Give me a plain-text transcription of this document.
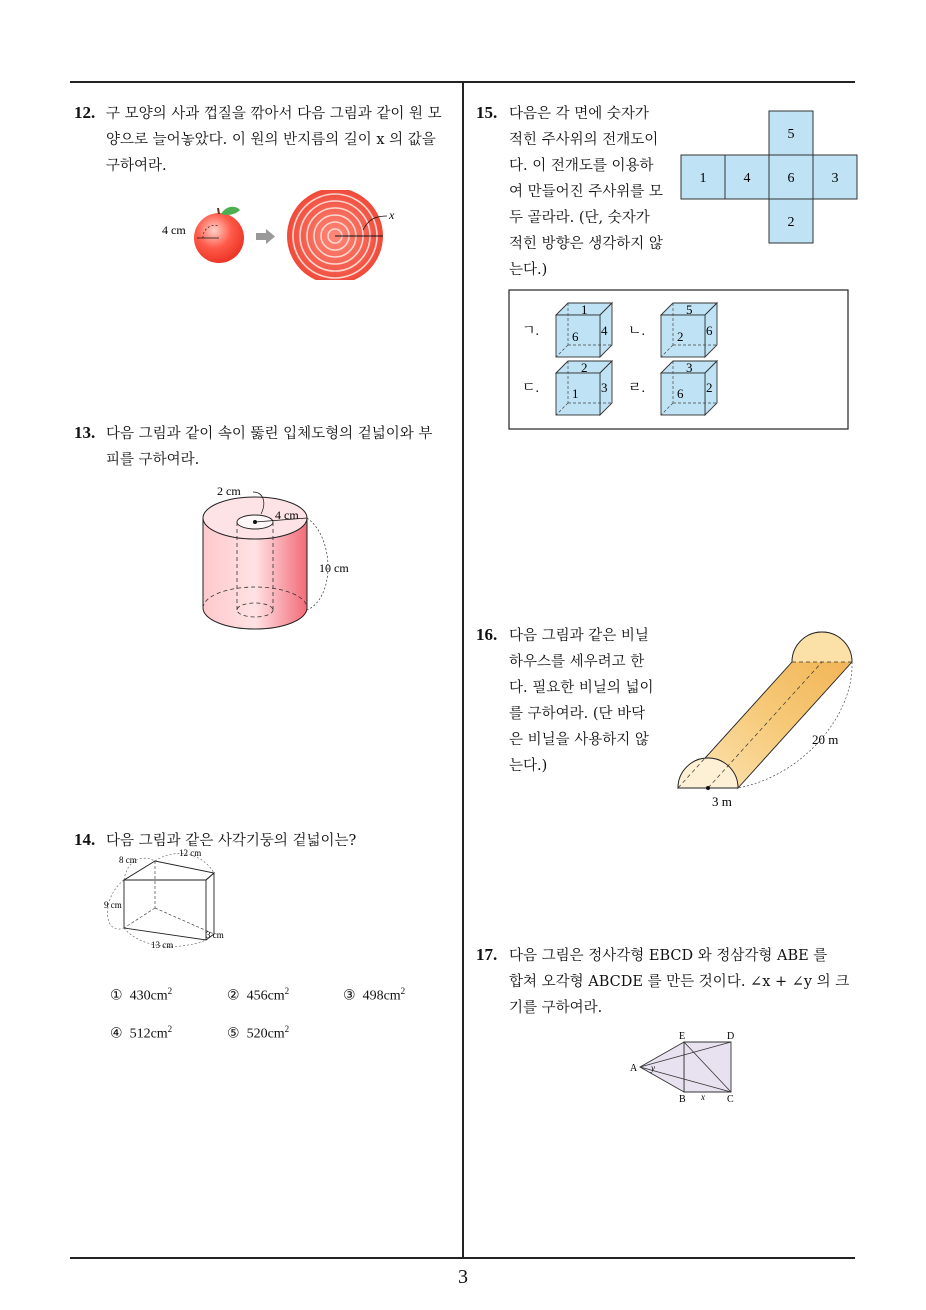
12. 구 모양의 사과 껍질을 깎아서 다음 그림과 같이 원 모
양으로 늘어놓았다. 이 원의 반지름의 길이 x 의 값을
구하여라.
4 cm
x
13. 다음 그림과 같이 속이 뚫린 입체도형의 겉넓이와 부
피를 구하여라.
2 cm
4 cm
10 cm
14. 다음 그림과 같은 사각기둥의 겉넓이는?
8 cm
12 cm
9 cm
13 cm
3 cm
① $430cm^2$	② $456cm^2$	③ $498cm^2$
④ $512cm^2$	⑤ $520cm^2$
15. 다음은 각 면에 숫자가
적힌 주사위의 전개도이
다. 이 전개도를 이용하
여 만들어진 주사위를 모
두 골라라. (단, 숫자가
적힌 방향은 생각하지 않
는다.)
5
1	4	6	3
2
ㄱ.
1
6 4 ㄴ.
5
2 6
ㄷ.
2
1 3 ㄹ.
3
6 2
16. 다음 그림과 같은 비닐
하우스를 세우려고 한
다. 필요한 비닐의 넓이
를 구하여라. (단 바닥
은 비닐을 사용하지 않
는다.)
20 m
3 m
17. 다음 그림은 정사각형 EBCD 와 정삼각형 ABE 를
합쳐 오각형 ABCDE 를 만든 것이다. ∠x + ∠y 의 크
기를 구하여라.
A
E	D
B	C
y
x
3
